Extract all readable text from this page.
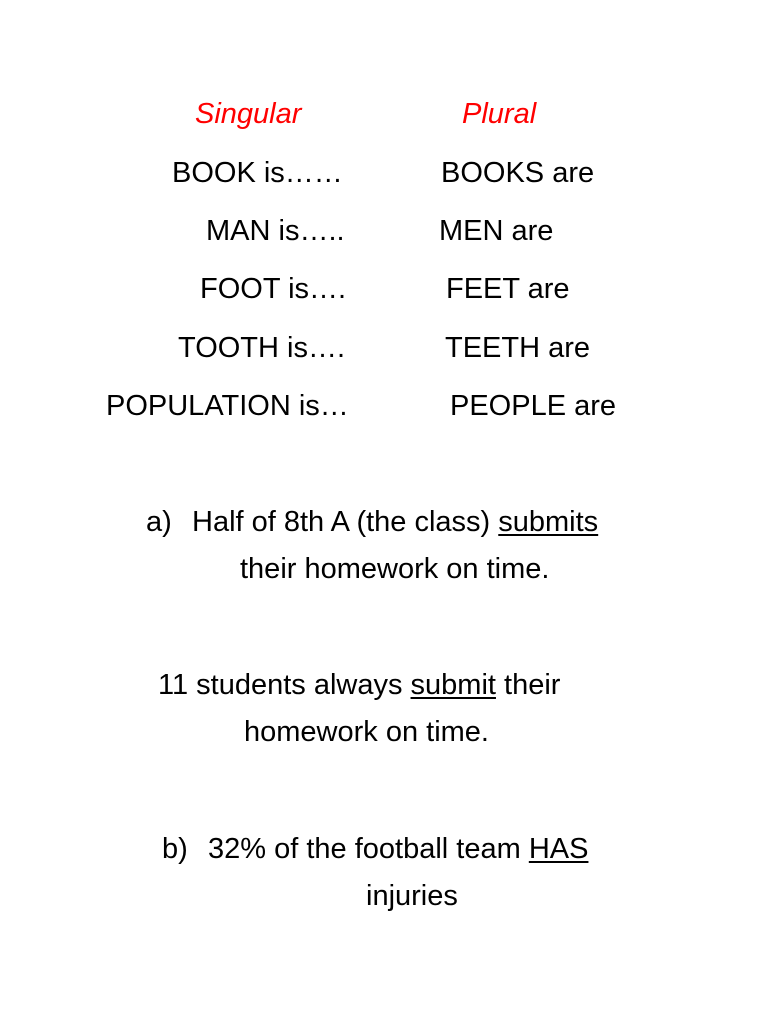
Singular	Plural
BOOK is……	BOOKS are
MAN is…..	MEN are
FOOT is….	FEET are
TOOTH is….	TEETH are
POPULATION is…	PEOPLE are
a) Half of 8th A (the class) submits
their homework on time.
11 students always submit their
homework on time.
b) 32% of the football team HAS
injuries
